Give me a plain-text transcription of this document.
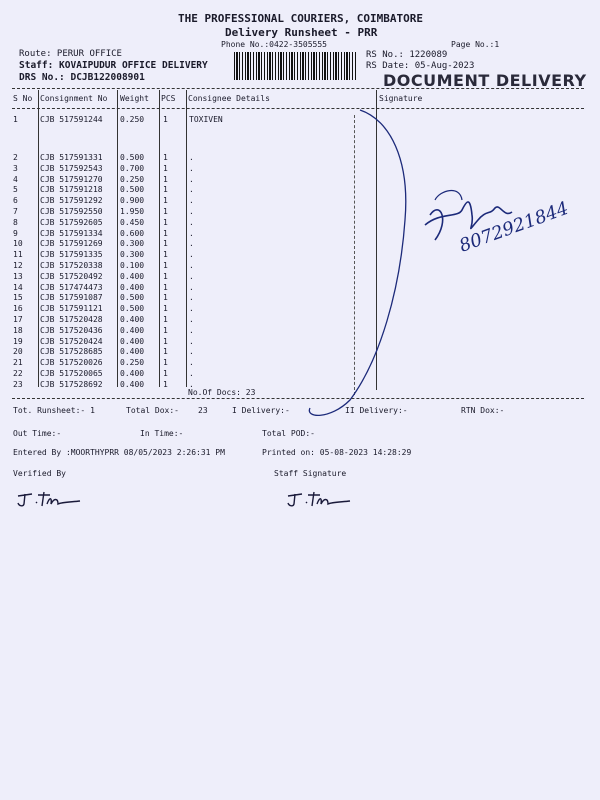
THE PROFESSIONAL COURIERS, COIMBATORE
Delivery Runsheet - PRR
Phone No.:0422-3505555	Page No.:1
Route: PERUR OFFICE
Staff: KOVAIPUDUR OFFICE DELIVERY
DRS No.: DCJB122008901
RS No.: 1220089
RS Date: 05-Aug-2023
DOCUMENT DELIVERY
S No Consignment No Weight PCS Consignee Details	Signature
1	CJB 517591244 0.250 1	TOXIVEN
2	CJB 517591331 0.500 1	.
3	CJB 517592543 0.700 1	.
4	CJB 517591270 0.250 1	.
5	CJB 517591218 0.500 1	.
6	CJB 517591292 0.900 1	.
7	CJB 517592550 1.950 1	.
8	CJB 517592605 0.450 1	.
9	CJB 517591334 0.600 1	.
10 CJB 517591269 0.300 1	.
11 CJB 517591335 0.300 1	.
12 CJB 517520338 0.100 1	.
13 CJB 517520492 0.400 1	.
14 CJB 517474473 0.400 1	.
15 CJB 517591087 0.500 1	.
16 CJB 517591121 0.500 1	.
17 CJB 517520428 0.400 1	.
18 CJB 517520436 0.400 1	.
19 CJB 517520424 0.400 1	.
20 CJB 517528685 0.400 1	.
21 CJB 517520026 0.250 1	.
22 CJB 517520065 0.400 1	.
23 CJB 517528692 0.400 1	.
No.Of Docs: 23
8072921844
Tot. Runsheet:- 1	Total Dox:- 23	I Delivery:-	II Delivery:-	RTN Dox:-
Out Time:-	In Time:-	Total POD:-
Entered By :MOORTHYPRR 08/05/2023 2:26:31 PM	Printed on: 05-08-2023 14:28:29
Verified By	Staff Signature
